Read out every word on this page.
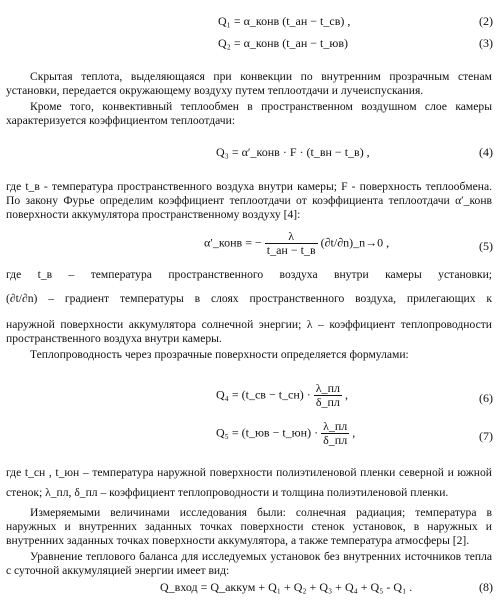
Q₁ = α_конв (t_ан − t_св) ,	(2)
Q₂ = α_конв (t_ан − t_юв)	(3)

Скрытая теплота, выделяющаяся при конвекции по внутренним прозрачным стенам установки, передается окружающему воздуху путем теплоотдачи и лучеиспускания.

Кроме того, конвективный теплообмен в пространственном воздушном слое камеры характеризуется коэффициентом теплоотдачи:

Q₃ = α′_конв · F · (t_вн − t_в) ,	(4)

где t_в - температура пространственного воздуха внутри камеры; F - поверхность теплообмена. По закону Фурье определим коэффициент теплоотдачи от коэффициента теплоотдачи α′_конв поверхности аккумулятора пространственному воздуху [4]:

α′_конв = − $\frac{\lambda}{t\_ан - t\_в}$ (∂t/∂n)_n→0 ,	(5)

где t_в – температура пространственного воздуха внутри камеры установки;

(∂t/∂n) – градиент температуры в слоях пространственного воздуха, прилегающих к

наружной поверхности аккумулятора солнечной энергии; λ – коэффициент теплопроводности пространственного воздуха внутри камеры.

Теплопроводность через прозрачные поверхности определяется формулами:

Q₄ = (t_св − t_сн) · $\frac{\lambda\_пл}{\delta\_пл}$ ,	(6)
Q₅ = (t_юв − t_юн) · $\frac{\lambda\_пл}{\delta\_пл}$ ,	(7)

где t_сн , t_юн – температура наружной поверхности полиэтиленовой пленки северной и южной

стенок; λ_пл, δ_пл – коэффициент теплопроводности и толщина полиэтиленовой пленки.

Измеряемыми величинами исследования были: солнечная радиация; температура в наружных и внутренних заданных точках поверхности стенок установок, в наружных и внутренних заданных точках поверхности аккумулятора, а также температура атмосферы [2].

Уравнение теплового баланса для исследуемых установок без внутренних источников тепла с суточной аккумуляцией энергии имеет вид:

Q_вход = Q_аккум + Q₁ + Q₂ + Q₃ + Q₄ + Q₅ - Q₁ .	(8)
